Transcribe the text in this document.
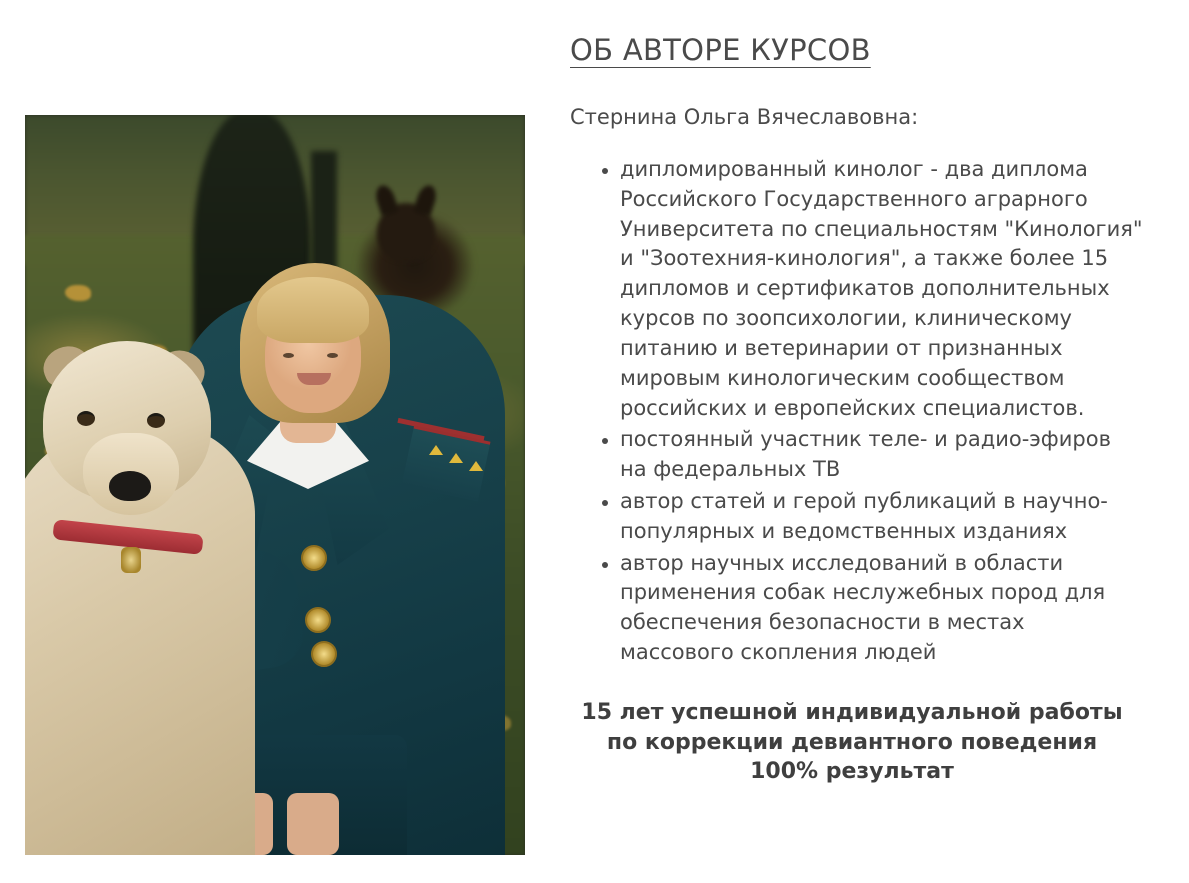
ОБ АВТОРЕ КУРСОВ

Стернина Ольга Вячеславовна:

• дипломированный кинолог - два диплома Российского Государственного аграрного Университета по специальностям "Кинология" и "Зоотехния-кинология", а также более 15 дипломов и сертификатов дополнительных курсов по зоопсихологии, клиническому питанию и ветеринарии от признанных мировым кинологическим сообществом российских и европейских специалистов.
• постоянный участник теле- и радио-эфиров на федеральных ТВ
• автор статей и герой публикаций в научно-популярных и ведомственных изданиях
• автор научных исследований в области применения собак неслужебных пород для обеспечения безопасности в местах массового скопления людей
15 лет успешной индивидуальной работы
по коррекции девиантного поведения
100% результат
